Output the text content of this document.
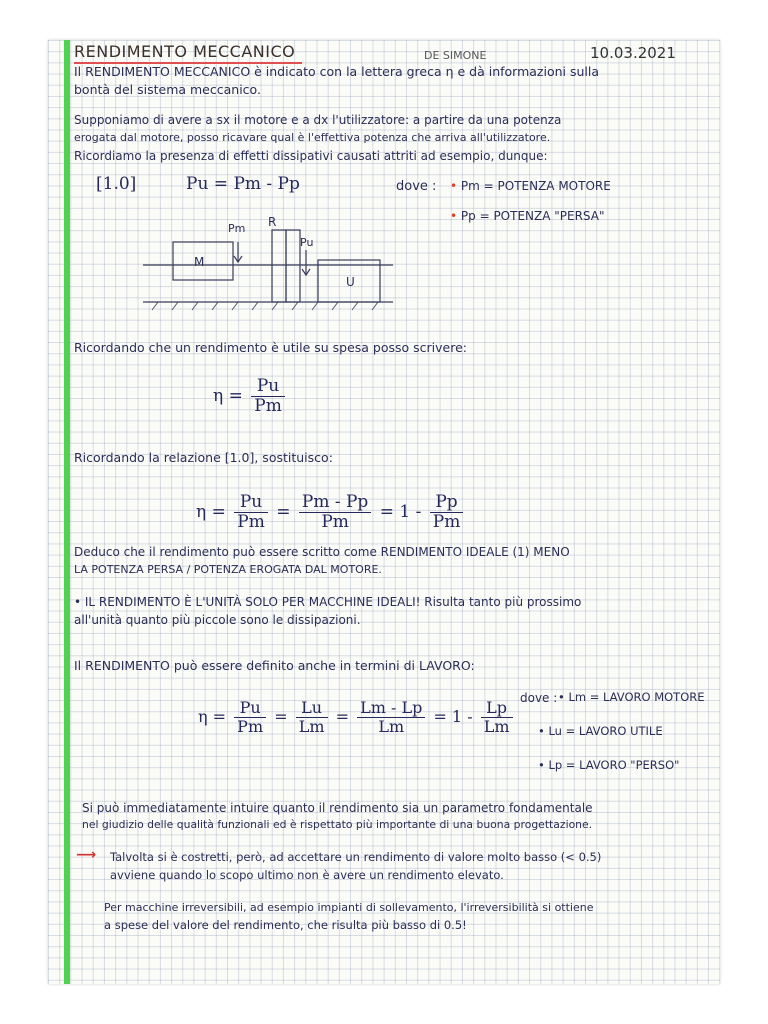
RENDIMENTO MECCANICO	DE SIMONE	10.03.2021
Il RENDIMENTO MECCANICO è indicato con la lettera greca η e dà informazioni sulla
bontà del sistema meccanico.
Supponiamo di avere a sx il motore e a dx l'utilizzatore: a partire da una potenza
erogata dal motore, posso ricavare qual è l'effettiva potenza che arriva all'utilizzatore.
Ricordiamo la presenza di effetti dissipativi causati attriti ad esempio, dunque:
[1.0]	Pu = Pm - Pp	dove : • Pm = POTENZA MOTORE
• Pp = POTENZA "PERSA"
M
R
U
Pm
Pu
Ricordando che un rendimento è utile su spesa posso scrivere:
$\eta = \frac{Pu}{Pm}$
Ricordando la relazione [1.0], sostituisco:
$\eta = \frac{Pu}{Pm} = \frac{Pm - Pp}{Pm} = 1 - \frac{Pp}{Pm}$
Deduco che il rendimento può essere scritto come RENDIMENTO IDEALE (1) MENO
LA POTENZA PERSA / POTENZA EROGATA DAL MOTORE.
• IL RENDIMENTO È L'UNITÀ SOLO PER MACCHINE IDEALI! Risulta tanto più prossimo
all'unità quanto più piccole sono le dissipazioni.
Il RENDIMENTO può essere definito anche in termini di LAVORO:
$\eta = \frac{Pu}{Pm} = \frac{Lu}{Lm} = \frac{Lm - Lp}{Lm} = 1 - \frac{Lp}{Lm}$
dove : • Lm = LAVORO MOTORE
• Lu = LAVORO UTILE
• Lp = LAVORO "PERSO"
Si può immediatamente intuire quanto il rendimento sia un parametro fondamentale
nel giudizio delle qualità funzionali ed è rispettato più importante di una buona progettazione.
⟶ Talvolta si è costretti, però, ad accettare un rendimento di valore molto basso (< 0.5)
avviene quando lo scopo ultimo non è avere un rendimento elevato.
Per macchine irreversibili, ad esempio impianti di sollevamento, l'irreversibilità si ottiene
a spese del valore del rendimento, che risulta più basso di 0.5!
